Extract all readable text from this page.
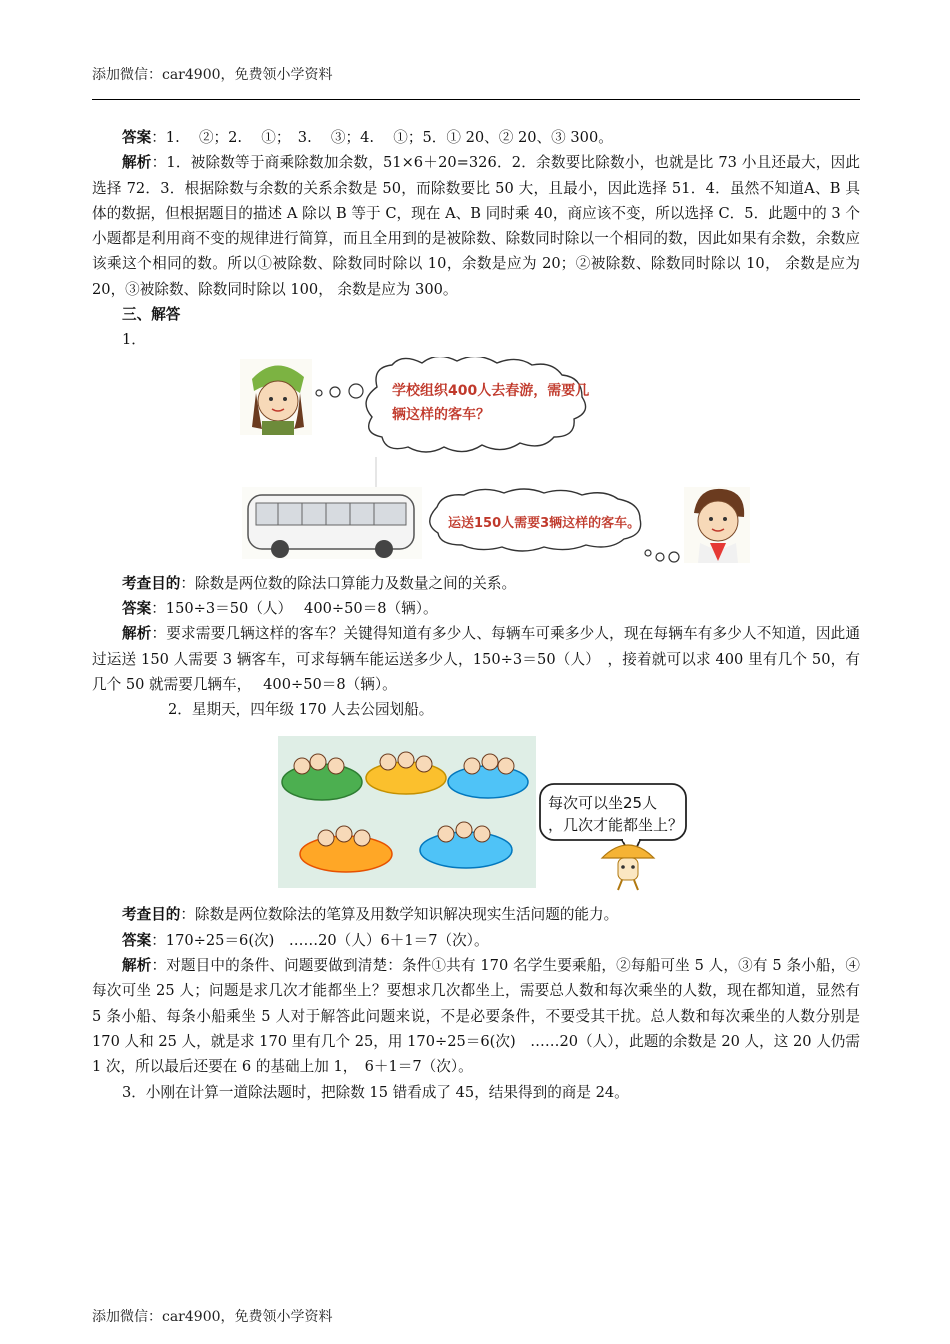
添加微信：car4900，免费领小学资料

答案：1.　 ②；2.　 ①；　3.　 ③；4.　 ①；5．① 20、② 20、③ 300。

解析：1．被除数等于商乘除数加余数，51×6＋20=326．2．余数要比除数小，也就是比 73 小且还最大，因此选择 72．3．根据除数与余数的关系余数是 50，而除数要比 50 大，且最小，因此选择 51．4．虽然不知道A、B 具体的数据，但根据题目的描述 A 除以 B 等于 C，现在 A、B 同时乘 40，商应该不变，所以选择 C．5．此题中的 3 个小题都是利用商不变的规律进行简算，而且全用到的是被除数、除数同时除以一个相同的数，因此如果有余数，余数应该乘这个相同的数。所以①被除数、除数同时除以 10，余数是应为 20；②被除数、除数同时除以 10， 余数是应为 20，③被除数、除数同时除以 100， 余数是应为 300。

三、解答

1．

学校组织400人去春游，需要几
辆这样的客车？
运送150人需要3辆这样的客车。

考查目的：除数是两位数的除法口算能力及数量之间的关系。

答案：150÷3＝50（人）　 400÷50＝8（辆）。

解析：要求需要几辆这样的客车？关键得知道有多少人、每辆车可乘多少人，现在每辆车有多少人不知道，因此通过运送 150 人需要 3 辆客车，可求每辆车能运送多少人，150÷3＝50（人）　，接着就可以求 400 里有几个 50，有几个 50 就需要几辆车，　 400÷50＝8（辆）。

2．星期天，四年级 170 人去公园划船。

每次可以坐25人
，几次才能都坐上？

考查目的：除数是两位数除法的笔算及用数学知识解决现实生活问题的能力。

答案：170÷25＝6(次)　……20（人）6＋1＝7（次）。

解析：对题目中的条件、问题要做到清楚：条件①共有 170 名学生要乘船，②每船可坐 5 人，③有 5 条小船，④每次可坐 25 人；问题是求几次才能都坐上？要想求几次都坐上，需要总人数和每次乘坐的人数，现在都知道，显然有 5 条小船、每条小船乘坐 5 人对于解答此问题来说，不是必要条件，不要受其干扰。总人数和每次乘坐的人数分别是 170 人和 25 人，就是求 170 里有几个 25，用 170÷25＝6(次)　……20（人），此题的余数是 20 人，这 20 人仍需 1 次，所以最后还要在 6 的基础上加 1，　6＋1＝7（次）。

3．小刚在计算一道除法题时，把除数 15 错看成了 45，结果得到的商是 24。

添加微信：car4900，免费领小学资料
